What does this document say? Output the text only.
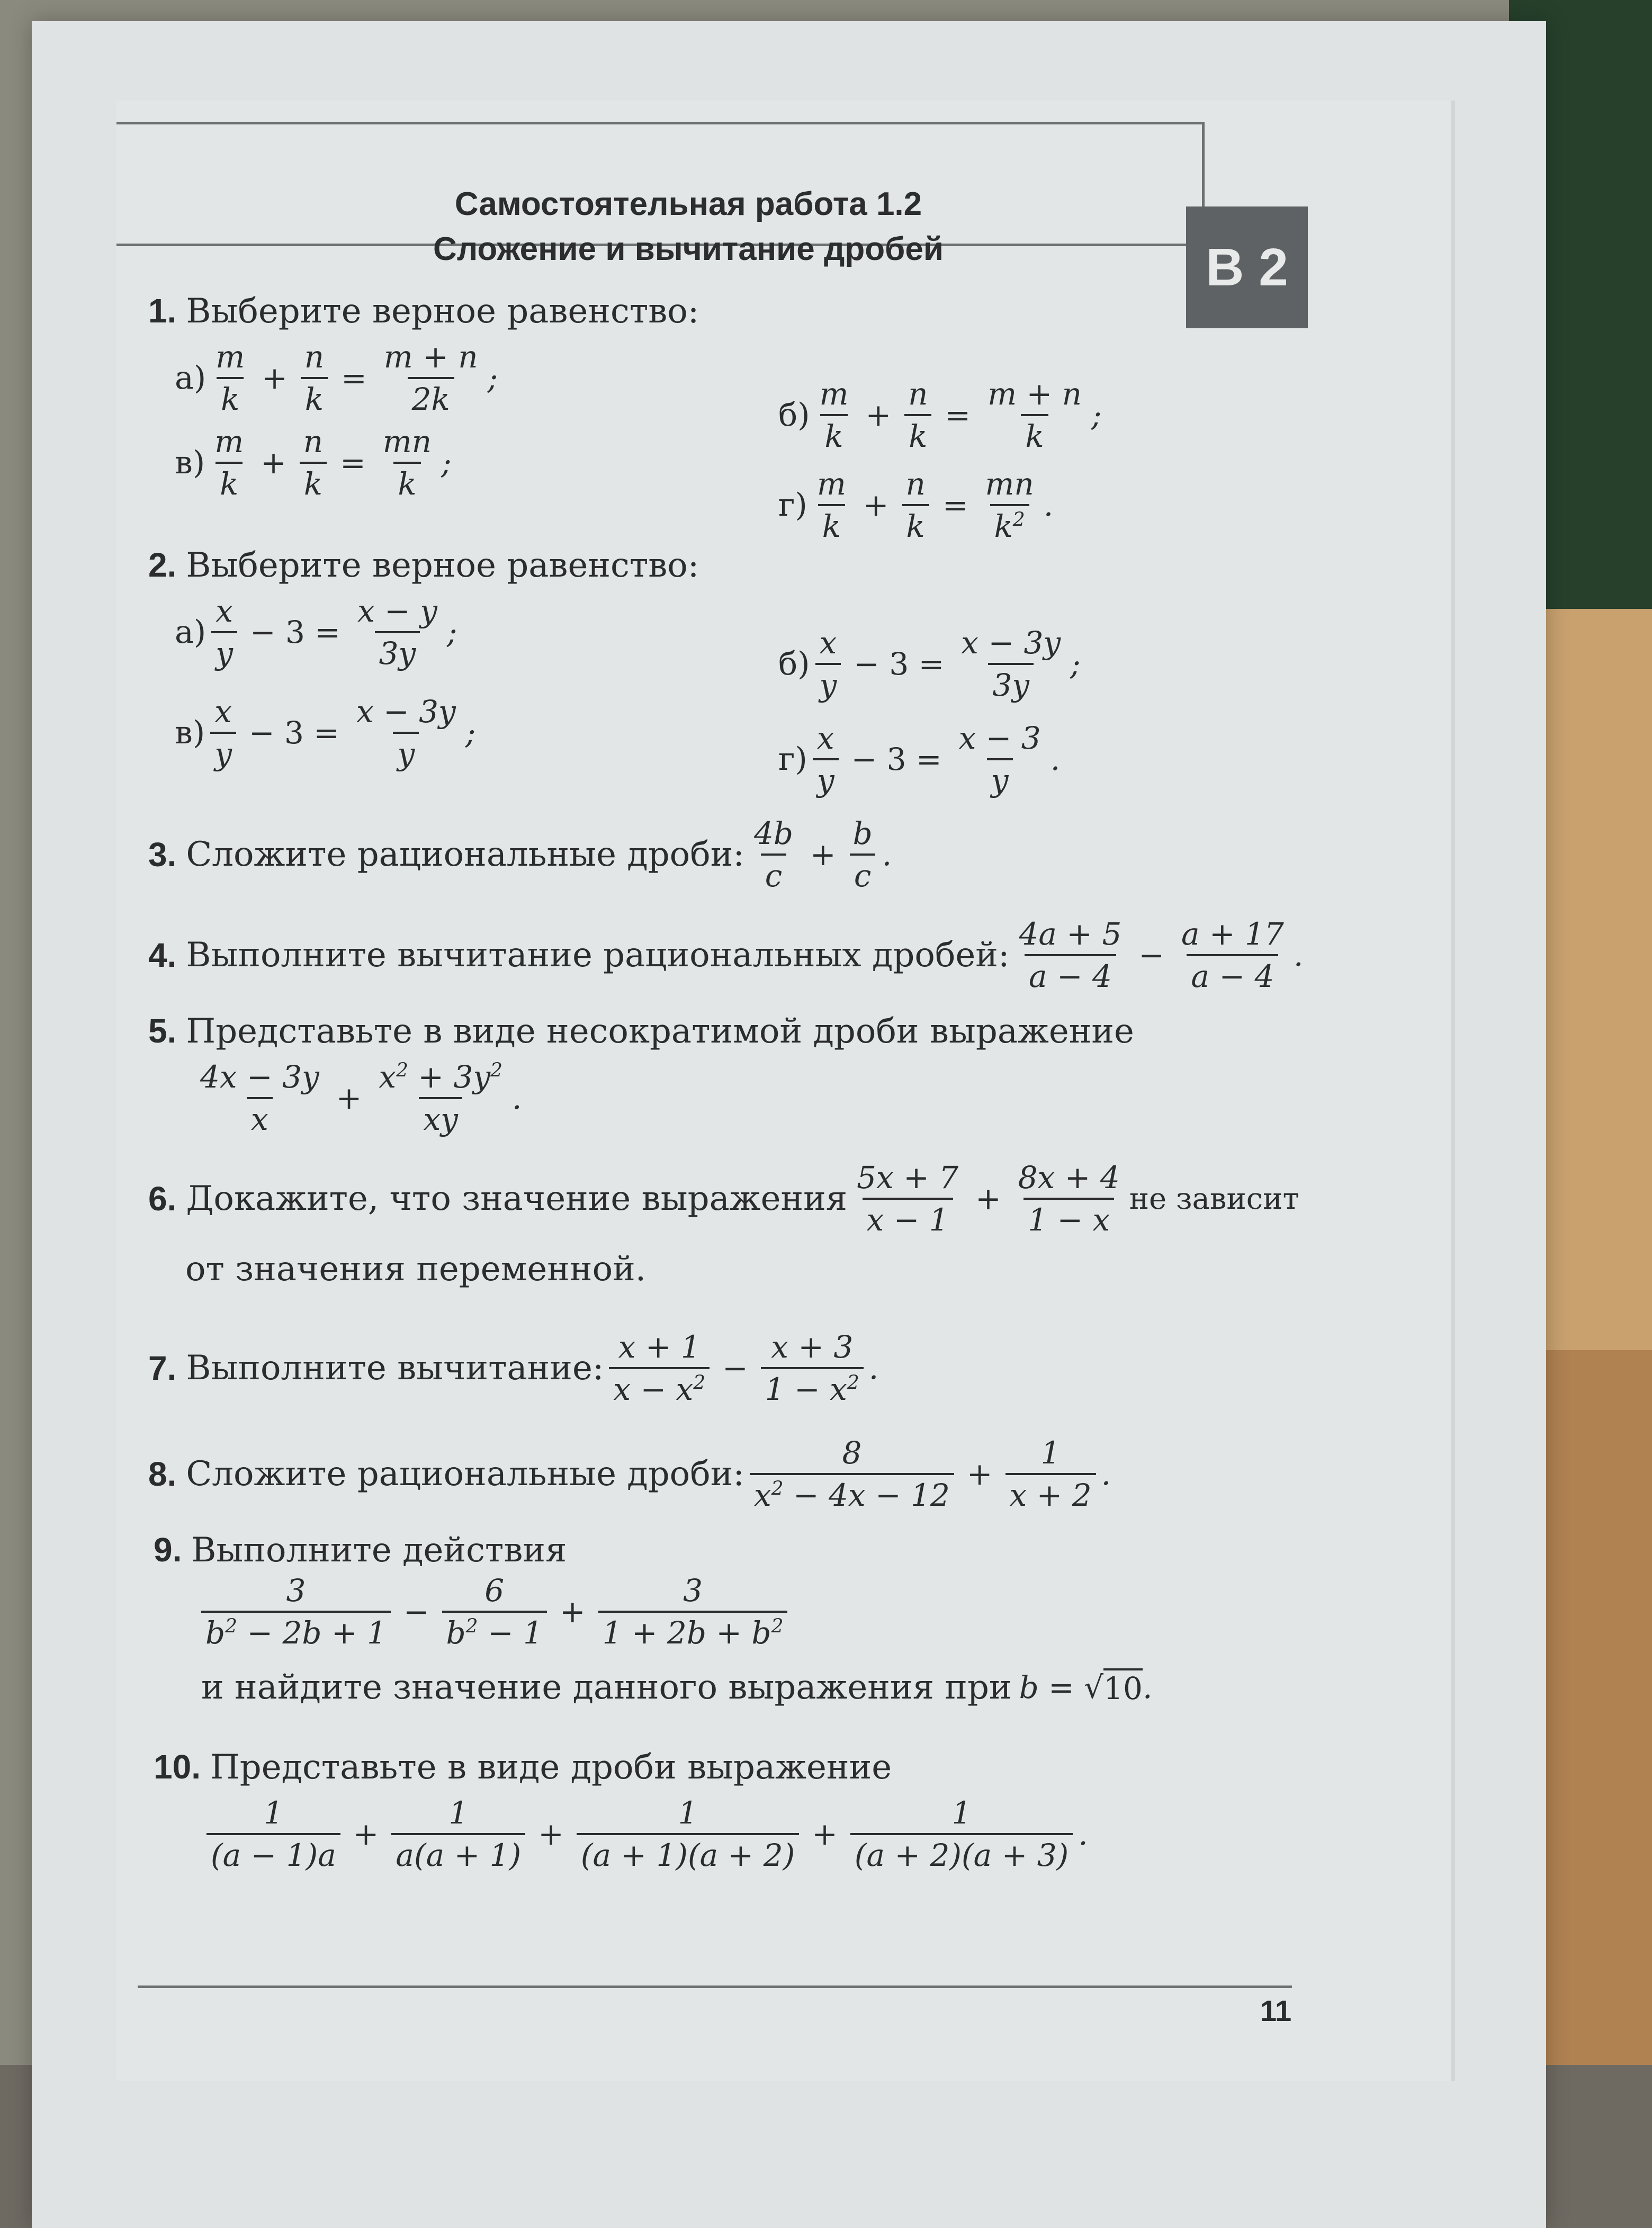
Самостоятельная работа 1.2
Сложение и вычитание дробей	В 2
1. Выберите верное равенство:
$а) \frac{m}{k} + \frac{n}{k} = \frac{m + n}{2k}$ ;
$б) \frac{m}{k} + \frac{n}{k} = \frac{m + n}{k}$ ;
$в) \frac{m}{k} + \frac{n}{k} = \frac{mn}{k}$ ;
$г) \frac{m}{k} + \frac{n}{k} = \frac{mn}{k^2}$ .
2. Выберите верное равенство:
$а) \frac{x}{y} - 3 = \frac{x - y}{3y}$ ;
$б) \frac{x}{y} - 3 = \frac{x - 3y}{3y}$ ;
$в) \frac{x}{y} - 3 = \frac{x - 3y}{y}$ ;
$г) \frac{x}{y} - 3 = \frac{x - 3}{y}$ .
3. Сложите рациональные дроби: $\frac{4b}{c} + \frac{b}{c}$ .
4. Выполните вычитание рациональных дробей: $\frac{4a + 5}{a - 4} - \frac{a + 17}{a - 4}$ .
5. Представьте в виде несократимой дроби выражение
$\frac{4x - 3y}{x} + \frac{x^2 + 3y^2}{xy}$ .
6. Докажите, что значение выражения $\frac{5x + 7}{x - 1} + \frac{8x + 4}{1 - x}$ не зависит
от значения переменной.
7. Выполните вычитание: $\frac{x + 1}{x - x^2} - \frac{x + 3}{1 - x^2}$ .
8. Сложите рациональные дроби: $\frac{8}{x^2 - 4x - 12} + \frac{1}{x + 2}$ .
9. Выполните действия
$\frac{3}{b^2 - 2b + 1} - \frac{6}{b^2 - 1} + \frac{3}{1 + 2b + b^2}$
и найдите значение данного выражения при b = √ 10 .
10. Представьте в виде дроби выражение
$\frac{1}{(a - 1)a} + \frac{1}{a(a + 1)} + \frac{1}{(a + 1)(a + 2)} + \frac{1}{(a + 2)(a + 3)}$ .
11
